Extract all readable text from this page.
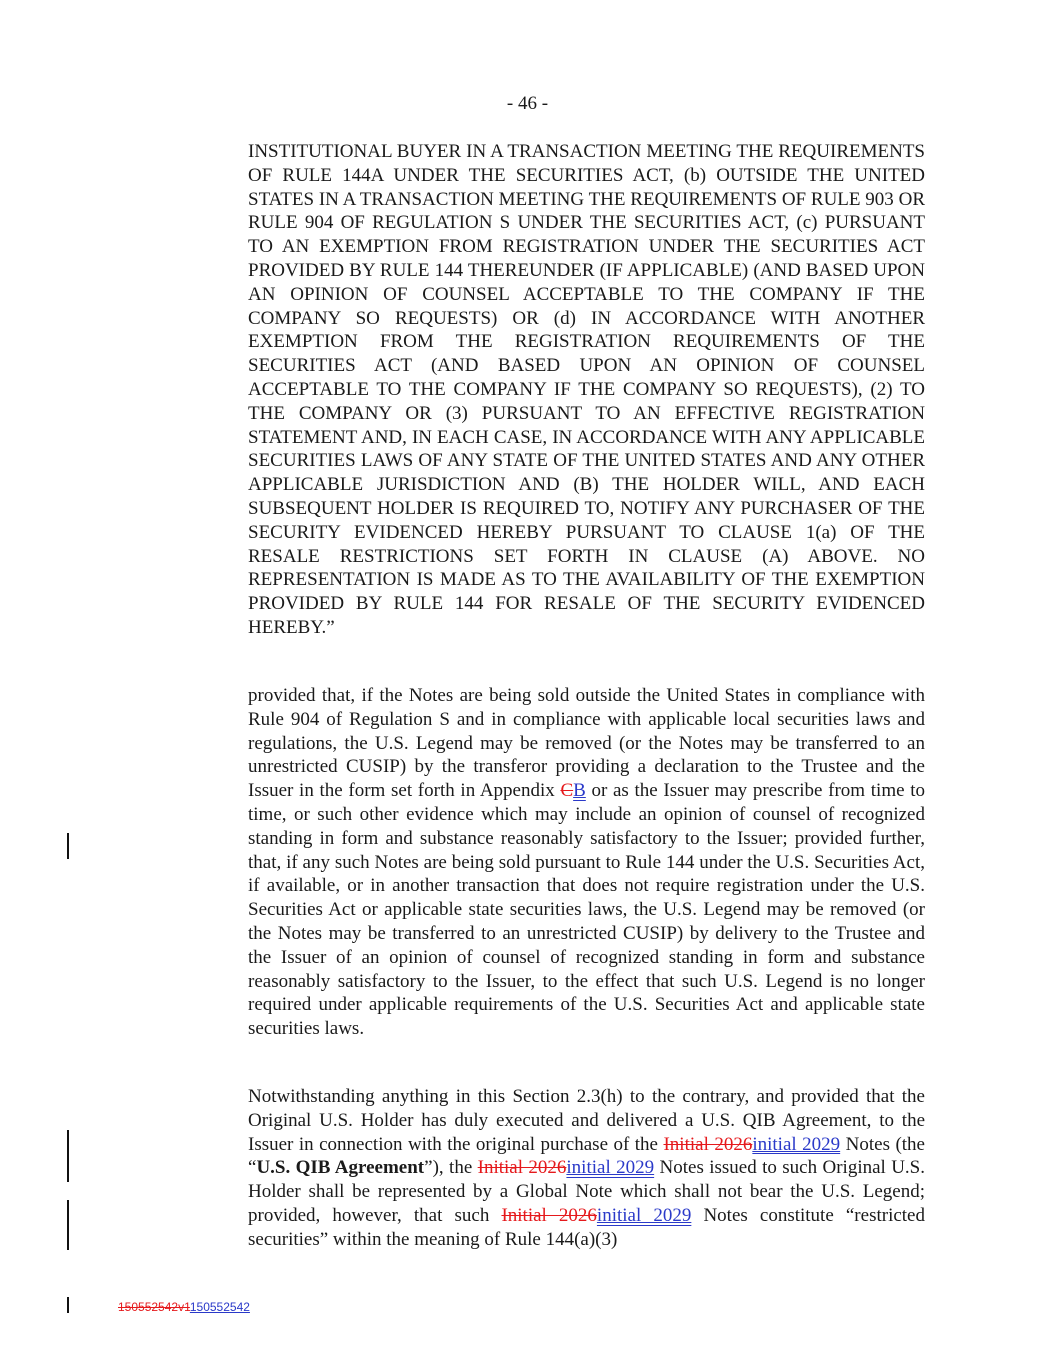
- 46 -
INSTITUTIONAL BUYER IN A TRANSACTION MEETING THE REQUIREMENTS OF RULE 144A UNDER THE SECURITIES ACT, (b) OUTSIDE THE UNITED STATES IN A TRANSACTION MEETING THE REQUIREMENTS OF RULE 903 OR RULE 904 OF REGULATION S UNDER THE SECURITIES ACT, (c) PURSUANT TO AN EXEMPTION FROM REGISTRATION UNDER THE SECURITIES ACT PROVIDED BY RULE 144 THEREUNDER (IF APPLICABLE) (AND BASED UPON AN OPINION OF COUNSEL ACCEPTABLE TO THE COMPANY IF THE COMPANY SO REQUESTS) OR (d) IN ACCORDANCE WITH ANOTHER EXEMPTION FROM THE REGISTRATION REQUIREMENTS OF THE SECURITIES ACT (AND BASED UPON AN OPINION OF COUNSEL ACCEPTABLE TO THE COMPANY IF THE COMPANY SO REQUESTS), (2) TO THE COMPANY OR (3) PURSUANT TO AN EFFECTIVE REGISTRATION STATEMENT AND, IN EACH CASE, IN ACCORDANCE WITH ANY APPLICABLE SECURITIES LAWS OF ANY STATE OF THE UNITED STATES AND ANY OTHER APPLICABLE JURISDICTION AND (B) THE HOLDER WILL, AND EACH SUBSEQUENT HOLDER IS REQUIRED TO, NOTIFY ANY PURCHASER OF THE SECURITY EVIDENCED HEREBY PURSUANT TO CLAUSE 1(a) OF THE RESALE RESTRICTIONS SET FORTH IN CLAUSE (A) ABOVE. NO REPRESENTATION IS MADE AS TO THE AVAILABILITY OF THE EXEMPTION PROVIDED BY RULE 144 FOR RESALE OF THE SECURITY EVIDENCED HEREBY.”
provided that, if the Notes are being sold outside the United States in compliance with Rule 904 of Regulation S and in compliance with applicable local securities laws and regulations, the U.S. Legend may be removed (or the Notes may be transferred to an unrestricted CUSIP) by the transferor providing a declaration to the Trustee and the Issuer in the form set forth in Appendix CB or as the Issuer may prescribe from time to time, or such other evidence which may include an opinion of counsel of recognized standing in form and substance reasonably satisfactory to the Issuer; provided further, that, if any such Notes are being sold pursuant to Rule 144 under the U.S. Securities Act, if available, or in another transaction that does not require registration under the U.S. Securities Act or applicable state securities laws, the U.S. Legend may be removed (or the Notes may be transferred to an unrestricted CUSIP) by delivery to the Trustee and the Issuer of an opinion of counsel of recognized standing in form and substance reasonably satisfactory to the Issuer, to the effect that such U.S. Legend is no longer required under applicable requirements of the U.S. Securities Act and applicable state securities laws.
Notwithstanding anything in this Section 2.3(h) to the contrary, and provided that the Original U.S. Holder has duly executed and delivered a U.S. QIB Agreement, to the Issuer in connection with the original purchase of the Initial 2026initial 2029 Notes (the “U.S. QIB Agreement”), the Initial 2026initial 2029 Notes issued to such Original U.S. Holder shall be represented by a Global Note which shall not bear the U.S. Legend; provided, however, that such Initial 2026initial 2029 Notes constitute “restricted securities” within the meaning of Rule 144(a)(3)
150552542v1150552542
